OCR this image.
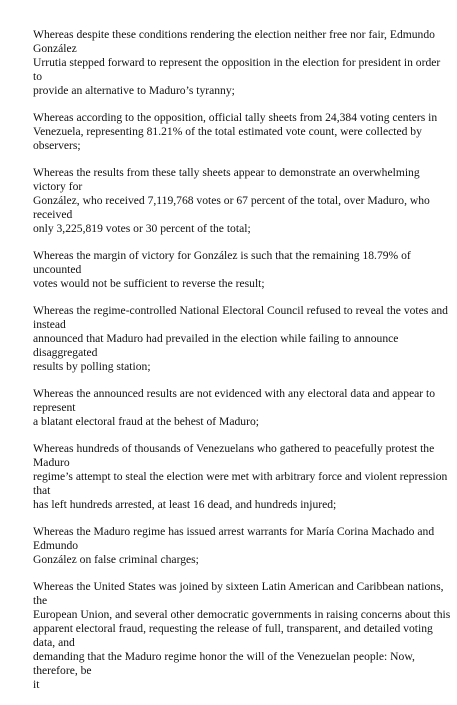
Whereas despite these conditions rendering the election neither free nor fair, Edmundo González
Urrutia stepped forward to represent the opposition in the election for president in order to
provide an alternative to Maduro’s tyranny;

Whereas according to the opposition, official tally sheets from 24,384 voting centers in
Venezuela, representing 81.21% of the total estimated vote count, were collected by observers;

Whereas the results from these tally sheets appear to demonstrate an overwhelming victory for
González, who received 7,119,768 votes or 67 percent of the total, over Maduro, who received
only 3,225,819 votes or 30 percent of the total;

Whereas the margin of victory for González is such that the remaining 18.79% of uncounted
votes would not be sufficient to reverse the result;

Whereas the regime-controlled National Electoral Council refused to reveal the votes and instead
announced that Maduro had prevailed in the election while failing to announce disaggregated
results by polling station;

Whereas the announced results are not evidenced with any electoral data and appear to represent
a blatant electoral fraud at the behest of Maduro;

Whereas hundreds of thousands of Venezuelans who gathered to peacefully protest the Maduro
regime’s attempt to steal the election were met with arbitrary force and violent repression that
has left hundreds arrested, at least 16 dead, and hundreds injured;

Whereas the Maduro regime has issued arrest warrants for María Corina Machado and Edmundo
González on false criminal charges;

Whereas the United States was joined by sixteen Latin American and Caribbean nations, the
European Union, and several other democratic governments in raising concerns about this
apparent electoral fraud, requesting the release of full, transparent, and detailed voting data, and
demanding that the Maduro regime honor the will of the Venezuelan people: Now, therefore, be
it
